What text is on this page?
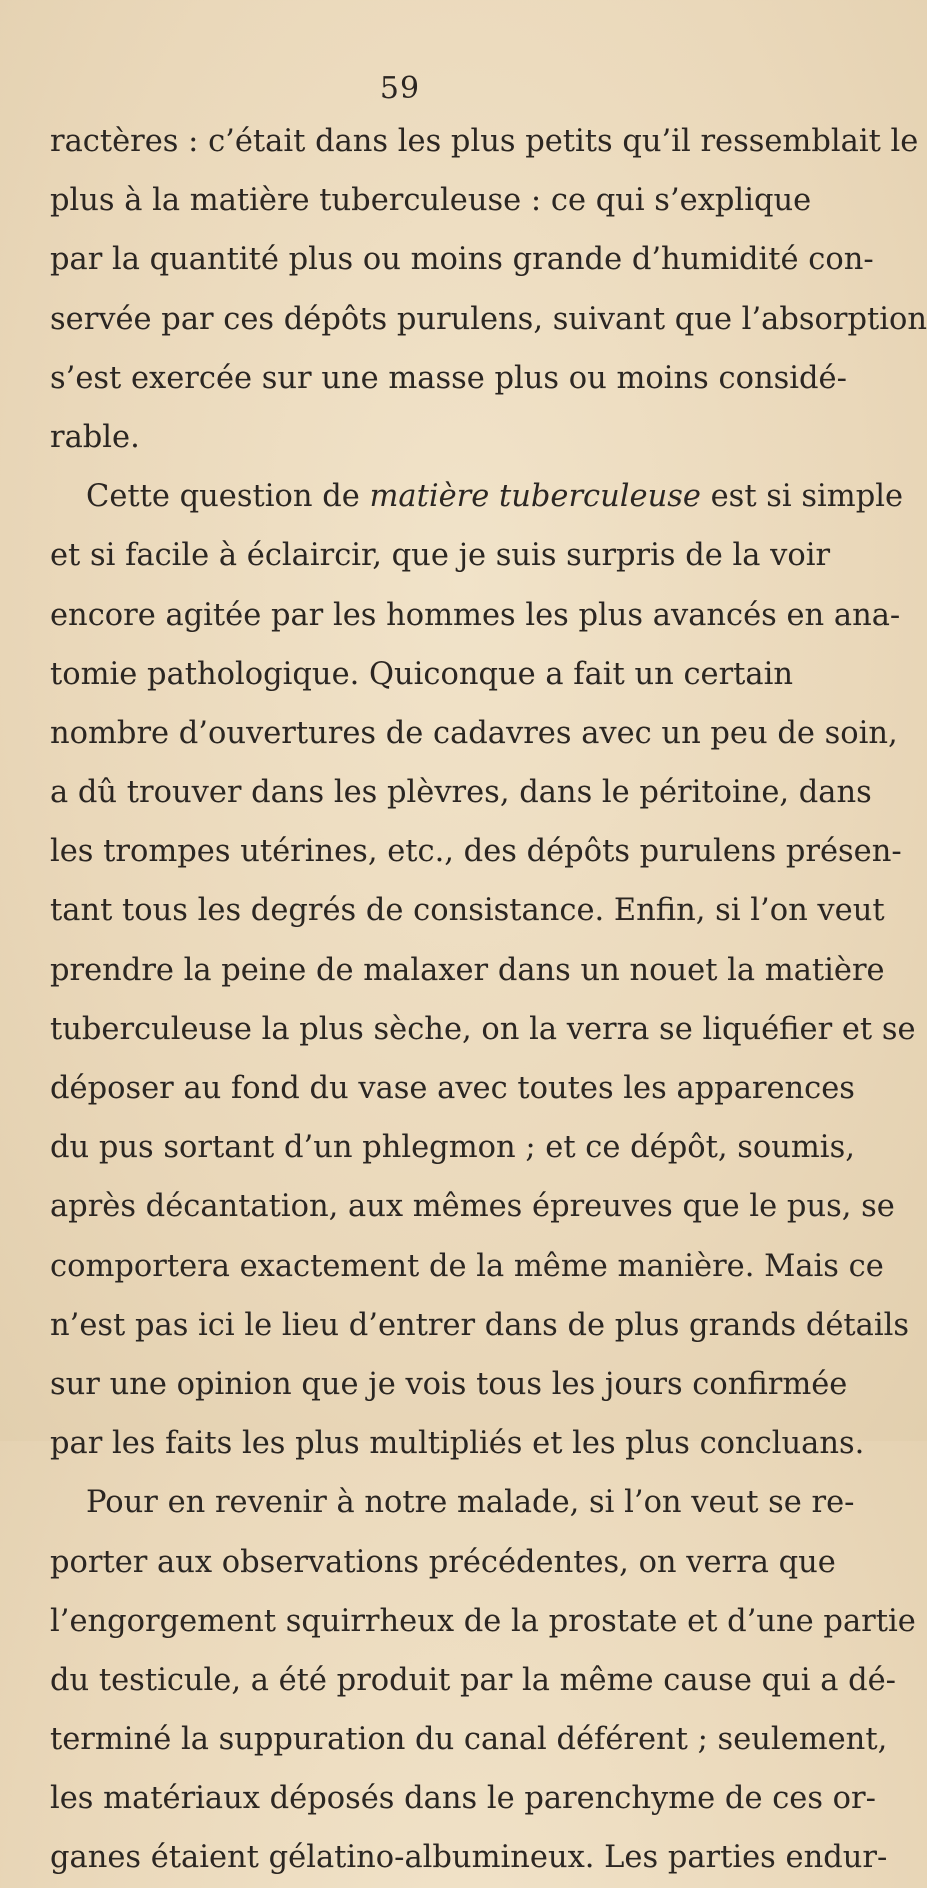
59
ractères : c’était dans les plus petits qu’il ressemblait le
plus à la matière tuberculeuse : ce qui s’explique
par la quantité plus ou moins grande d’humidité con-
servée par ces dépôts purulens, suivant que l’absorption
s’est exercée sur une masse plus ou moins considé-
rable.
Cette question de matière tuberculeuse est si simple
et si facile à éclaircir, que je suis surpris de la voir
encore agitée par les hommes les plus avancés en ana-
tomie pathologique. Quiconque a fait un certain
nombre d’ouvertures de cadavres avec un peu de soin,
a dû trouver dans les plèvres, dans le péritoine, dans
les trompes utérines, etc., des dépôts purulens présen-
tant tous les degrés de consistance. Enfin, si l’on veut
prendre la peine de malaxer dans un nouet la matière
tuberculeuse la plus sèche, on la verra se liquéfier et se
déposer au fond du vase avec toutes les apparences
du pus sortant d’un phlegmon ; et ce dépôt, soumis,
après décantation, aux mêmes épreuves que le pus, se
comportera exactement de la même manière. Mais ce
n’est pas ici le lieu d’entrer dans de plus grands détails
sur une opinion que je vois tous les jours confirmée
par les faits les plus multipliés et les plus concluans.
Pour en revenir à notre malade, si l’on veut se re-
porter aux observations précédentes, on verra que
l’engorgement squirrheux de la prostate et d’une partie
du testicule, a été produit par la même cause qui a dé-
terminé la suppuration du canal déférent ; seulement,
les matériaux déposés dans le parenchyme de ces or-
ganes étaient gélatino-albumineux. Les parties endur-
